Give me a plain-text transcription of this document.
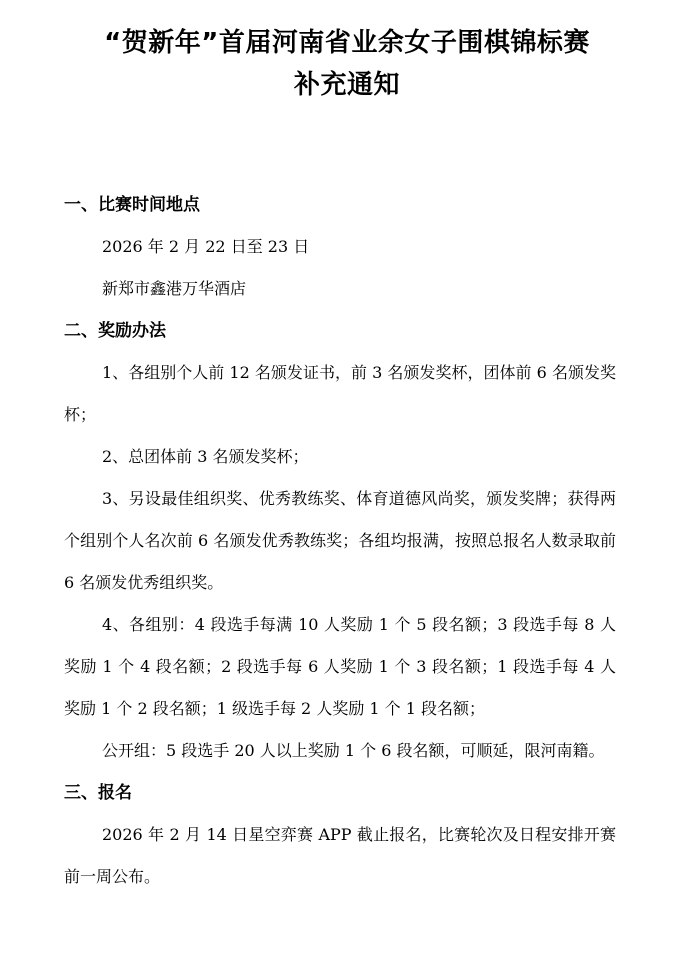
“贺新年”首届河南省业余女子围棋锦标赛

补充通知

一、比赛时间地点

2026 年 2 月 22 日至 23 日

新郑市鑫港万华酒店

二、奖励办法

1、各组别个人前 12 名颁发证书，前 3 名颁发奖杯，团体前 6 名颁发奖杯；

2、总团体前 3 名颁发奖杯；

3、另设最佳组织奖、优秀教练奖、体育道德风尚奖，颁发奖牌；获得两个组别个人名次前 6 名颁发优秀教练奖；各组均报满，按照总报名人数录取前 6 名颁发优秀组织奖。

4、各组别：4 段选手每满 10 人奖励 1 个 5 段名额；3 段选手每 8 人奖励 1 个 4 段名额；2 段选手每 6 人奖励 1 个 3 段名额；1 段选手每 4 人奖励 1 个 2 段名额；1 级选手每 2 人奖励 1 个 1 段名额；

公开组：5 段选手 20 人以上奖励 1 个 6 段名额，可顺延，限河南籍。

三、报名

2026 年 2 月 14 日星空弈赛 APP 截止报名，比赛轮次及日程安排开赛前一周公布。
